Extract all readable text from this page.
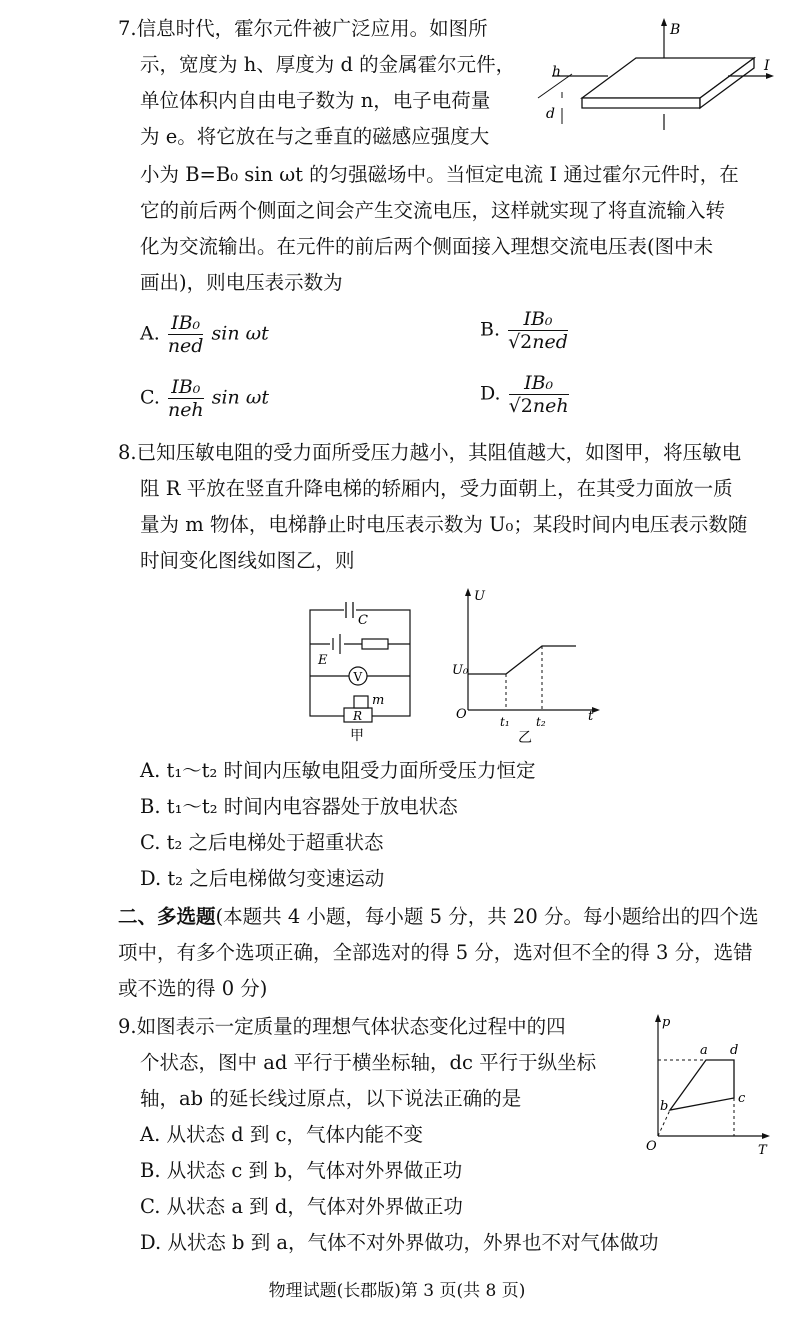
7.信息时代，霍尔元件被广泛应用。如图所
示，宽度为 h、厚度为 d 的金属霍尔元件，
单位体积内自由电子数为 n，电子电荷量
为 e。将它放在与之垂直的磁感应强度大
小为 B=B₀ sin ωt 的匀强磁场中。当恒定电流 I 通过霍尔元件时，在
它的前后两个侧面之间会产生交流电压，这样就实现了将直流输入转
化为交流输出。在元件的前后两个侧面接入理想交流电压表(图中未
画出)，则电压表示数为
B
I
h
d
A. $\frac{\text{IB₀}}{\text{ned}}$ sin ωt	B. $\frac{\text{IB₀}}{\text{√2ned}}$
C. $\frac{\text{IB₀}}{\text{neh}}$ sin ωt	D. $\frac{\text{IB₀}}{\text{√2neh}}$
8.已知压敏电阻的受力面所受压力越小，其阻值越大，如图甲，将压敏电
阻 R 平放在竖直升降电梯的轿厢内，受力面朝上，在其受力面放一质
量为 m 物体，电梯静止时电压表示数为 U₀；某段时间内电压表示数随
时间变化图线如图乙，则
C
E
V
m
R
甲
U
U₀
O	t₁ t₂	t
乙
A. t₁～t₂ 时间内压敏电阻受力面所受压力恒定
B. t₁～t₂ 时间内电容器处于放电状态
C. t₂ 之后电梯处于超重状态
D. t₂ 之后电梯做匀变速运动
二、多选题(本题共 4 小题，每小题 5 分，共 20 分。每小题给出的四个选
项中，有多个选项正确，全部选对的得 5 分，选对但不全的得 3 分，选错
或不选的得 0 分)
9.如图表示一定质量的理想气体状态变化过程中的四
个状态，图中 ad 平行于横坐标轴，dc 平行于纵坐标
轴，ab 的延长线过原点，以下说法正确的是
p
T
O
a d
c
b
A. 从状态 d 到 c，气体内能不变
B. 从状态 c 到 b，气体对外界做正功
C. 从状态 a 到 d，气体对外界做正功
D. 从状态 b 到 a，气体不对外界做功，外界也不对气体做功
物理试题(长郡版)第 3 页(共 8 页)
